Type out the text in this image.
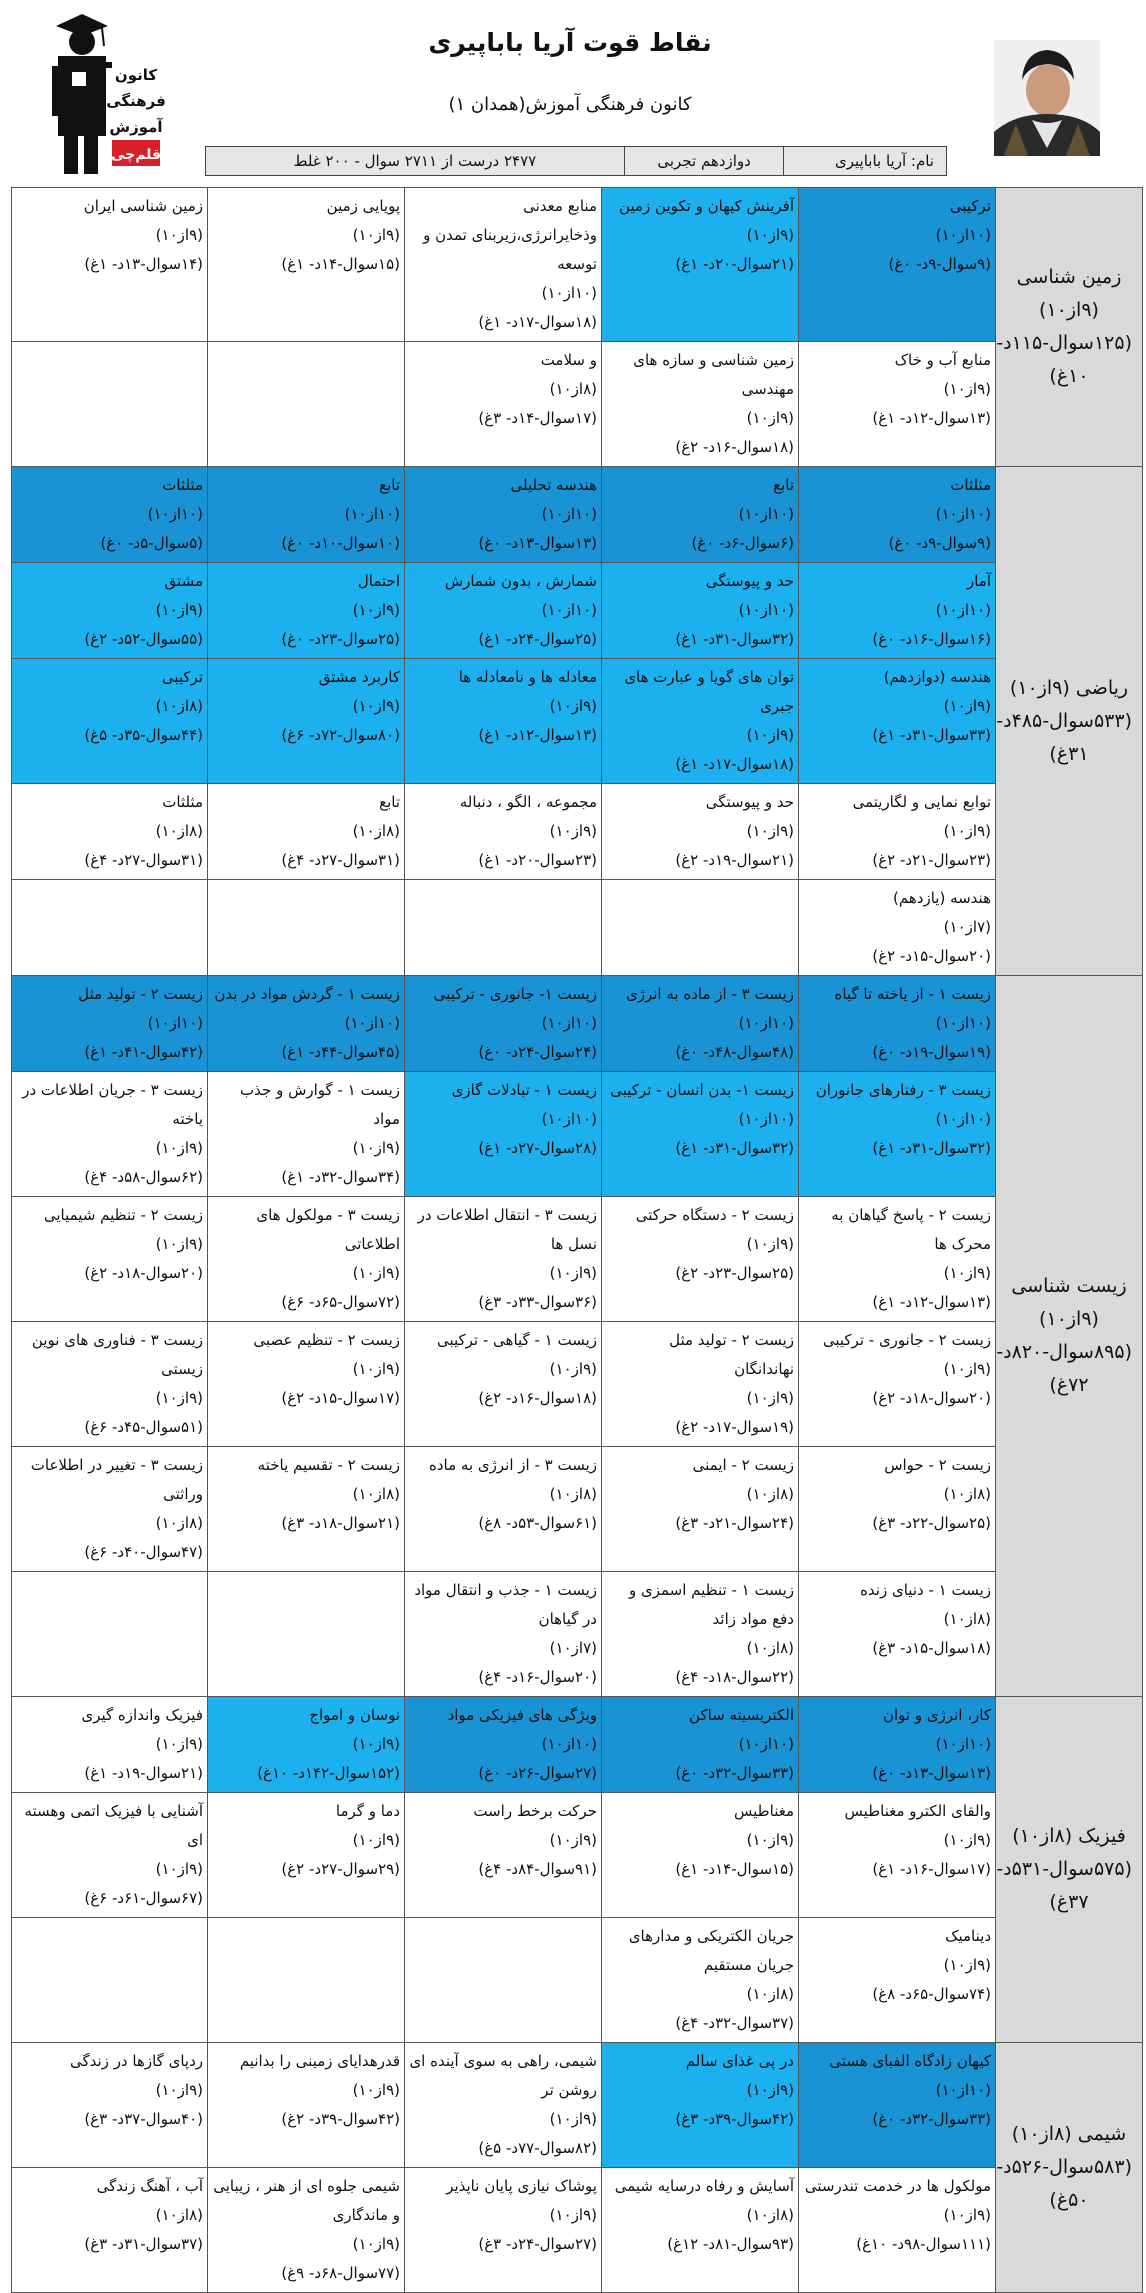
کانون
فرهنگی
آموزش
قلم‌چی
نقاط قوت آریا باباپیری
کانون فرهنگی آموزش(همدان ۱)
نام: آریا باباپیری
دوازدهم تجربی
۲۴۷۷ درست از ۲۷۱۱ سوال - ۲۰۰ غلط
زمین شناسی (۹از۱۰)
(۱۲۵سوال-۱۱۵د- ۱۰غ)	ترکیبی
(۱۰از۱۰)
(۹سوال-۹د- ۰غ)	آفرینش کیهان و تکوین زمین
(۹از۱۰)
(۲۱سوال-۲۰د- ۱غ)	منابع معدنی وذخایرانرژی،زیربنای تمدن و توسعه
(۱۰از۱۰)
(۱۸سوال-۱۷د- ۱غ)	پویایی زمین
(۹از۱۰)
(۱۵سوال-۱۴د- ۱غ)	زمین شناسی ایران
(۹از۱۰)
(۱۴سوال-۱۳د- ۱غ)

	منابع آب و خاک
(۹از۱۰)
(۱۳سوال-۱۲د- ۱غ)	زمین شناسی و سازه های مهندسی
(۹از۱۰)
(۱۸سوال-۱۶د- ۲غ)	و سلامت
(۸از۱۰)
(۱۷سوال-۱۴د- ۳غ)		

ریاضی (۹از۱۰)
(۵۳۳سوال-۴۸۵د-
۳۱غ)	مثلثات
(۱۰از۱۰)
(۹سوال-۹د- ۰غ)	تابع
(۱۰از۱۰)
(۶سوال-۶د- ۰غ)	هندسه تحلیلی
(۱۰از۱۰)
(۱۳سوال-۱۳د- ۰غ)	تابع
(۱۰از۱۰)
(۱۰سوال-۱۰د- ۰غ)	مثلثات
(۱۰از۱۰)
(۵سوال-۵د- ۰غ)

	آمار
(۱۰از۱۰)
(۱۶سوال-۱۶د- ۰غ)	حد و پیوستگی
(۱۰از۱۰)
(۳۲سوال-۳۱د- ۱غ)	شمارش ، بدون شمارش
(۱۰از۱۰)
(۲۵سوال-۲۴د- ۱غ)	احتمال
(۹از۱۰)
(۲۵سوال-۲۳د- ۰غ)	مشتق
(۹از۱۰)
(۵۵سوال-۵۲د- ۲غ)

	هندسه (دوازدهم)
(۹از۱۰)
(۳۳سوال-۳۱د- ۱غ)	توان های گویا و عبارت های جبری
(۹از۱۰)
(۱۸سوال-۱۷د- ۱غ)	معادله ها و نامعادله ها
(۹از۱۰)
(۱۳سوال-۱۲د- ۱غ)	کاربرد مشتق
(۹از۱۰)
(۸۰سوال-۷۲د- ۶غ)	ترکیبی
(۸از۱۰)
(۴۴سوال-۳۵د- ۵غ)

	توابع نمایی و لگاریتمی
(۹از۱۰)
(۲۳سوال-۲۱د- ۲غ)	حد و پیوستگی
(۹از۱۰)
(۲۱سوال-۱۹د- ۲غ)	مجموعه ، الگو ، دنباله
(۹از۱۰)
(۲۳سوال-۲۰د- ۱غ)	تابع
(۸از۱۰)
(۳۱سوال-۲۷د- ۴غ)	مثلثات
(۸از۱۰)
(۳۱سوال-۲۷د- ۴غ)

	هندسه (یازدهم)
(۷از۱۰)
(۲۰سوال-۱۵د- ۲غ)				

زیست شناسی (۹از۱۰)
(۸۹۵سوال-۸۲۰د-
۷۲غ)	زیست ۱ - از یاخته تا گیاه
(۱۰از۱۰)
(۱۹سوال-۱۹د- ۰غ)	زیست ۳ - از ماده به انرژی
(۱۰از۱۰)
(۴۸سوال-۴۸د- ۰غ)	زیست ۱- جانوری - ترکیبی
(۱۰از۱۰)
(۲۴سوال-۲۴د- ۰غ)	زیست ۱ - گردش مواد در بدن
(۱۰از۱۰)
(۴۵سوال-۴۴د- ۱غ)	زیست ۲ - تولید مثل
(۱۰از۱۰)
(۴۲سوال-۴۱د- ۱غ)

	زیست ۳ - رفتارهای جانوران
(۱۰از۱۰)
(۳۲سوال-۳۱د- ۱غ)	زیست ۱- بدن انسان - ترکیبی
(۱۰از۱۰)
(۳۲سوال-۳۱د- ۱غ)	زیست ۱ - تبادلات گازی
(۱۰از۱۰)
(۲۸سوال-۲۷د- ۱غ)	زیست ۱ - گوارش و جذب مواد
(۹از۱۰)
(۳۴سوال-۳۲د- ۱غ)	زیست ۳ - جریان اطلاعات در یاخته
(۹از۱۰)
(۶۲سوال-۵۸د- ۴غ)

	زیست ۲ - پاسخ گیاهان به محرک ها
(۹از۱۰)
(۱۳سوال-۱۲د- ۱غ)	زیست ۲ - دستگاه حرکتی
(۹از۱۰)
(۲۵سوال-۲۳د- ۲غ)	زیست ۳ - انتقال اطلاعات در نسل ها
(۹از۱۰)
(۳۶سوال-۳۳د- ۳غ)	زیست ۳ - مولکول های اطلاعاتی
(۹از۱۰)
(۷۲سوال-۶۵د- ۶غ)	زیست ۲ - تنظیم شیمیایی
(۹از۱۰)
(۲۰سوال-۱۸د- ۲غ)

	زیست ۲ - جانوری - ترکیبی
(۹از۱۰)
(۲۰سوال-۱۸د- ۲غ)	زیست ۲ - تولید مثل نهاندانگان
(۹از۱۰)
(۱۹سوال-۱۷د- ۲غ)	زیست ۱ - گیاهی - ترکیبی
(۹از۱۰)
(۱۸سوال-۱۶د- ۲غ)	زیست ۲ - تنظیم عصبی
(۹از۱۰)
(۱۷سوال-۱۵د- ۲غ)	زیست ۳ - فناوری های نوین زیستی
(۹از۱۰)
(۵۱سوال-۴۵د- ۶غ)

	زیست ۲ - حواس
(۸از۱۰)
(۲۵سوال-۲۲د- ۳غ)	زیست ۲ - ایمنی
(۸از۱۰)
(۲۴سوال-۲۱د- ۳غ)	زیست ۳ - از انرژی به ماده
(۸از۱۰)
(۶۱سوال-۵۳د- ۸غ)	زیست ۲ - تقسیم یاخته
(۸از۱۰)
(۲۱سوال-۱۸د- ۳غ)	زیست ۳ - تغییر در اطلاعات وراثتی
(۸از۱۰)
(۴۷سوال-۴۰د- ۶غ)

	زیست ۱ - دنیای زنده
(۸از۱۰)
(۱۸سوال-۱۵د- ۳غ)	زیست ۱ - تنظیم اسمزی و دفع مواد زائد
(۸از۱۰)
(۲۲سوال-۱۸د- ۴غ)	زیست ۱ - جذب و انتقال مواد در گیاهان
(۷از۱۰)
(۲۰سوال-۱۶د- ۴غ)		

فیزیک (۸از۱۰)
(۵۷۵سوال-۵۳۱د-
۳۷غ)	کار، انرژی و توان
(۱۰از۱۰)
(۱۳سوال-۱۳د- ۰غ)	الکتریسیته ساکن
(۱۰از۱۰)
(۳۳سوال-۳۲د- ۰غ)	ویژگی های فیزیکی مواد
(۱۰از۱۰)
(۲۷سوال-۲۶د- ۰غ)	نوسان و امواج
(۹از۱۰)
(۱۵۲سوال-۱۴۲د- ۱۰غ)	فیزیک واندازه گیری
(۹از۱۰)
(۲۱سوال-۱۹د- ۱غ)

	والقای الکترو مغناطیس
(۹از۱۰)
(۱۷سوال-۱۶د- ۱غ)	مغناطیس
(۹از۱۰)
(۱۵سوال-۱۴د- ۱غ)	حرکت برخط راست
(۹از۱۰)
(۹۱سوال-۸۴د- ۴غ)	دما و گرما
(۹از۱۰)
(۲۹سوال-۲۷د- ۲غ)	آشنایی با فیزیک اتمی وهسته ای
(۹از۱۰)
(۶۷سوال-۶۱د- ۶غ)

	دینامیک
(۹از۱۰)
(۷۴سوال-۶۵د- ۸غ)	جریان الکتریکی و مدارهای جریان مستقیم
(۸از۱۰)
(۳۷سوال-۳۲د- ۴غ)			

شیمی (۸از۱۰)
(۵۸۳سوال-۵۲۶د-
۵۰غ)	کیهان زادگاه الفبای هستی
(۱۰از۱۰)
(۳۳سوال-۳۲د- ۰غ)	در پی غذای سالم
(۹از۱۰)
(۴۲سوال-۳۹د- ۳غ)	شیمی، راهی به سوی آینده ای روشن تر
(۹از۱۰)
(۸۲سوال-۷۷د- ۵غ)	قدرهدایای زمینی را بدانیم
(۹از۱۰)
(۴۲سوال-۳۹د- ۲غ)	ردپای گازها در زندگی
(۹از۱۰)
(۴۰سوال-۳۷د- ۳غ)

	مولکول ها در خدمت تندرستی
(۹از۱۰)
(۱۱۱سوال-۹۸د- ۱۰غ)	آسایش و رفاه درسایه شیمی
(۸از۱۰)
(۹۳سوال-۸۱د- ۱۲غ)	پوشاک نیازی پایان ناپذیر
(۹از۱۰)
(۲۷سوال-۲۴د- ۳غ)	شیمی جلوه ای از هنر ، زیبایی و ماندگاری
(۹از۱۰)
(۷۷سوال-۶۸د- ۹غ)	آب ، آهنگ زندگی
(۸از۱۰)
(۳۷سوال-۳۱د- ۳غ)
